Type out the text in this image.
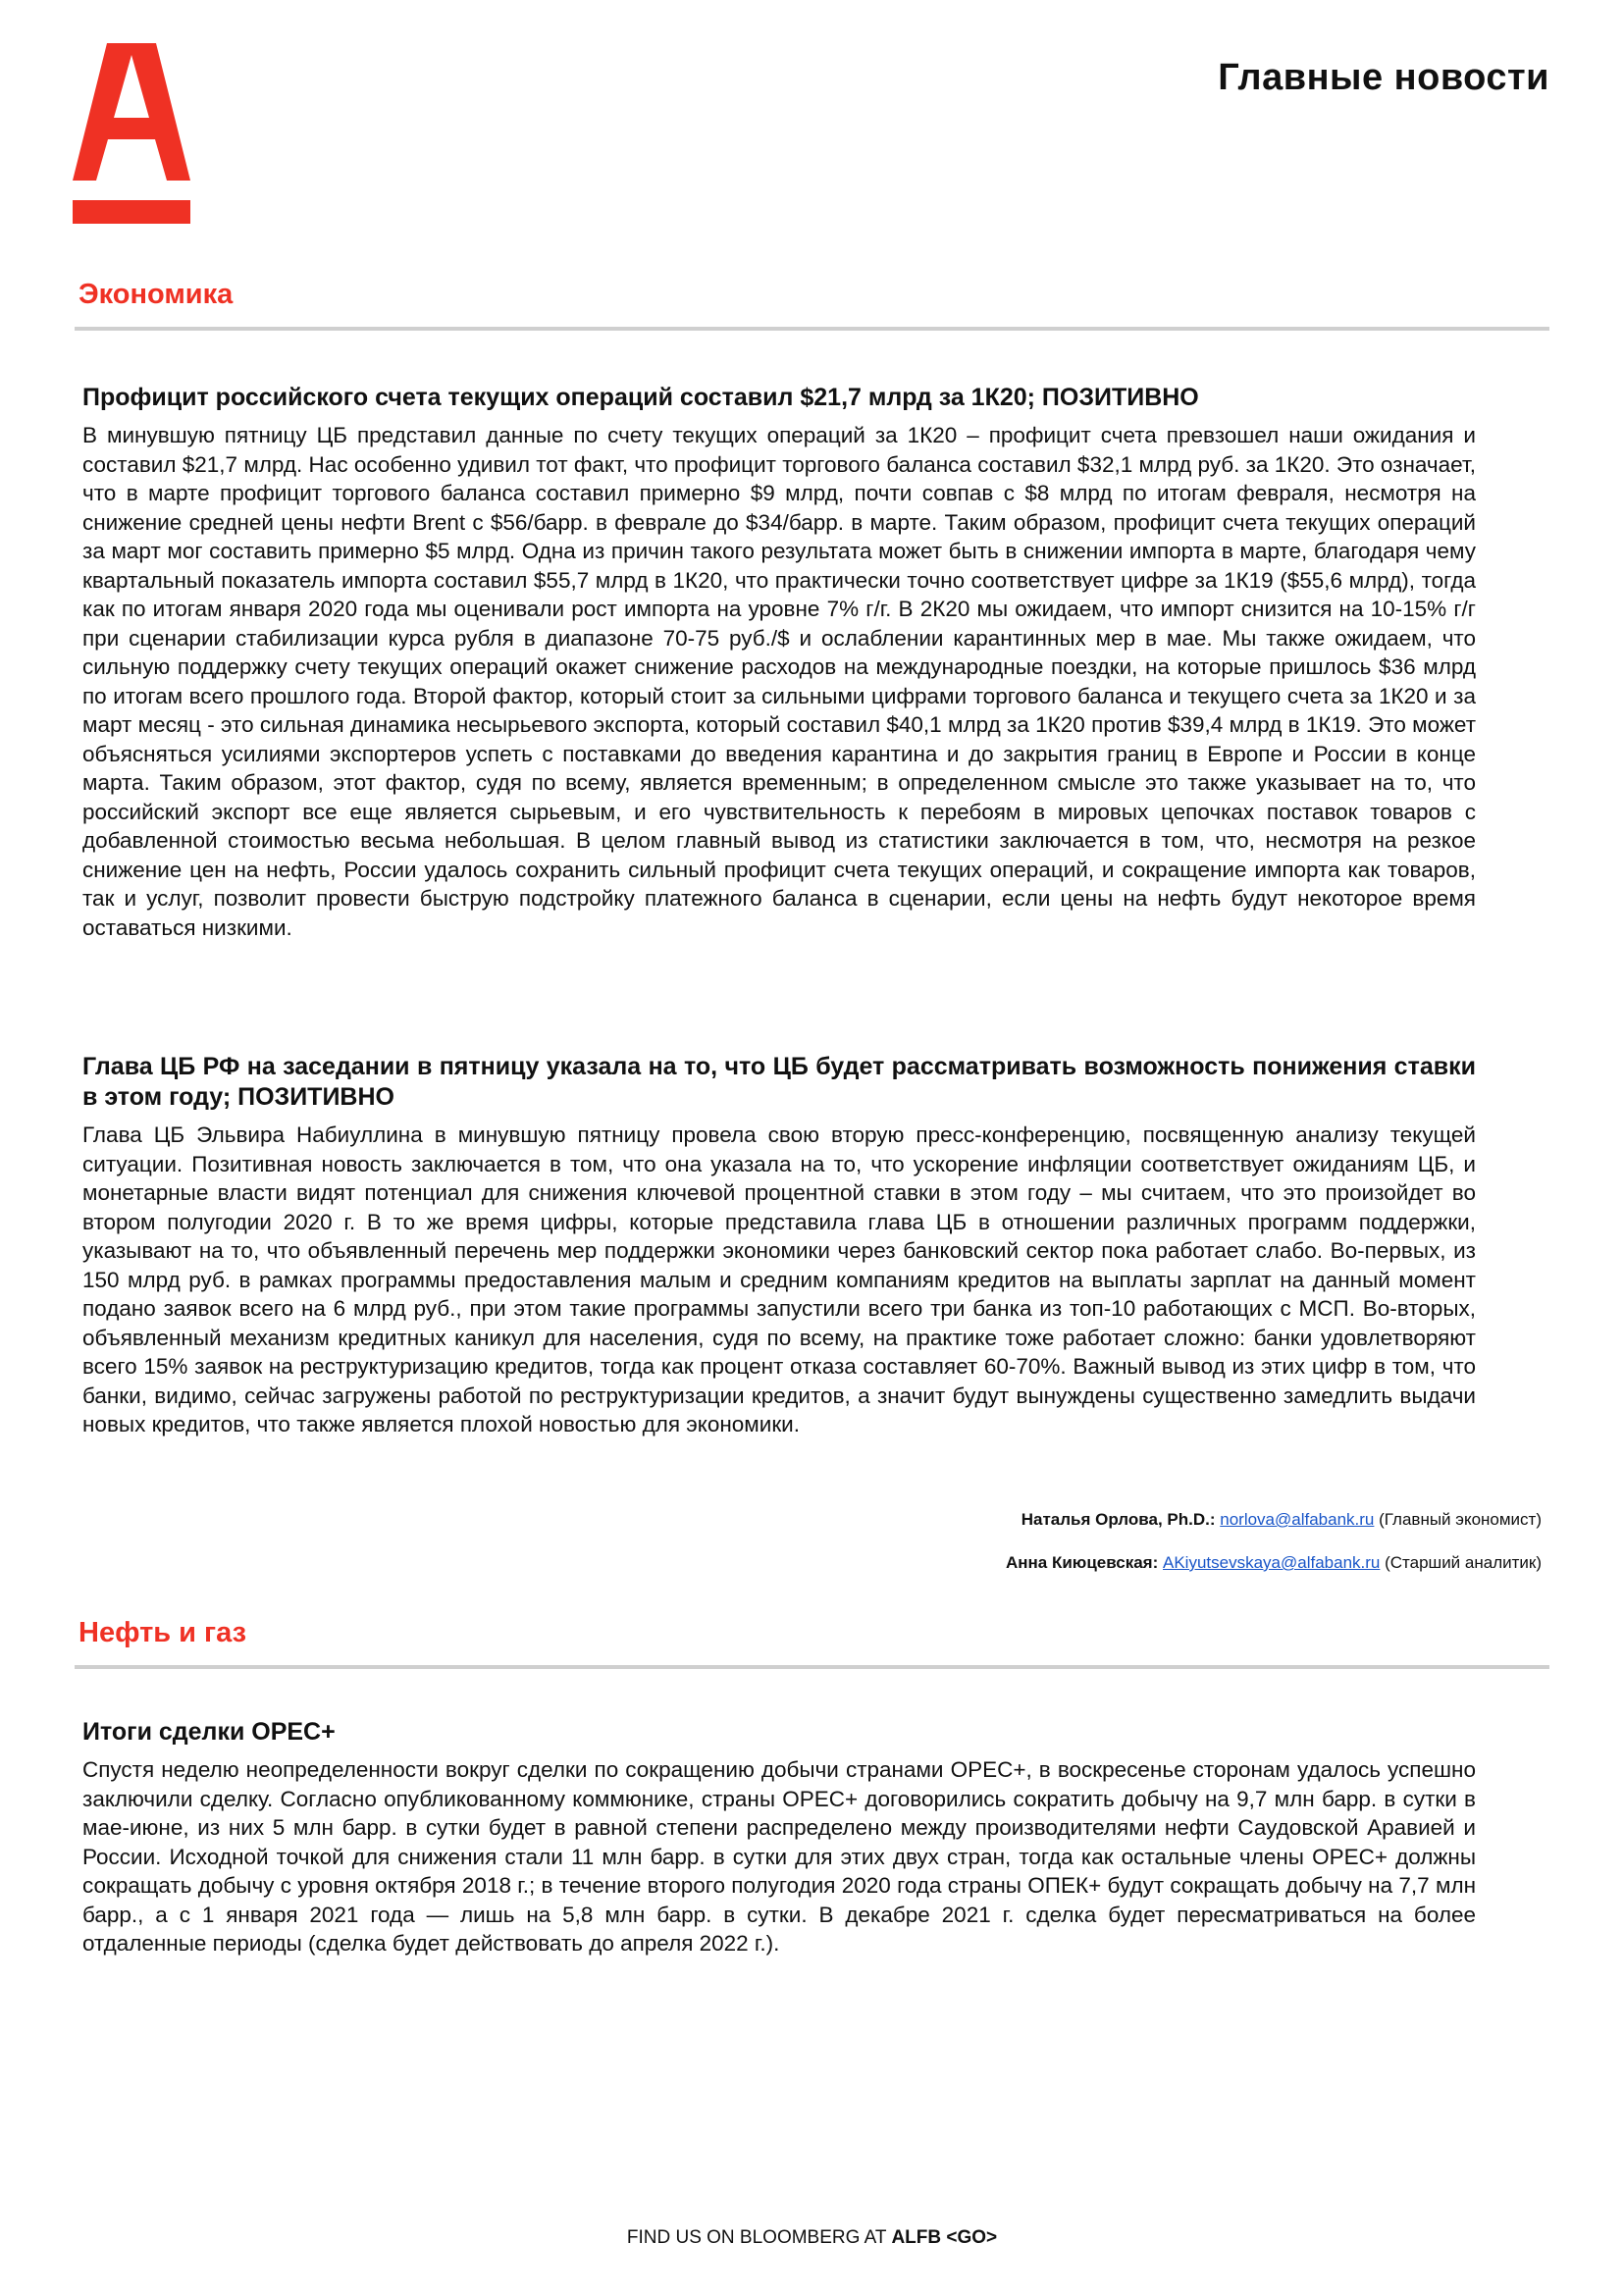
Главные новости
Экономика
Профицит российского счета текущих операций составил $21,7 млрд за 1К20; ПОЗИТИВНО

В минувшую пятницу ЦБ представил данные по счету текущих операций за 1К20 – профицит счета превзошел наши ожидания и составил $21,7 млрд. Нас особенно удивил тот факт, что профицит торгового баланса составил $32,1 млрд руб. за 1К20. Это означает, что в марте профицит торгового баланса составил примерно $9 млрд, почти совпав с $8 млрд по итогам февраля, несмотря на снижение средней цены нефти Brent с $56/барр. в феврале до $34/барр. в марте. Таким образом, профицит счета текущих операций за март мог составить примерно $5 млрд. Одна из причин такого результата может быть в снижении импорта в марте, благодаря чему квартальный показатель импорта составил $55,7 млрд в 1К20, что практически точно соответствует цифре за 1К19 ($55,6 млрд), тогда как по итогам января 2020 года мы оценивали рост импорта на уровне 7% г/г. В 2К20 мы ожидаем, что импорт снизится на 10-15% г/г при сценарии стабилизации курса рубля в диапазоне 70-75 руб./$ и ослаблении карантинных мер в мае. Мы также ожидаем, что сильную поддержку счету текущих операций окажет снижение расходов на международные поездки, на которые пришлось $36 млрд по итогам всего прошлого года. Второй фактор, который стоит за сильными цифрами торгового баланса и текущего счета за 1К20 и за март месяц - это сильная динамика несырьевого экспорта, который составил $40,1 млрд за 1К20 против $39,4 млрд в 1К19. Это может объясняться усилиями экспортеров успеть с поставками до введения карантина и до закрытия границ в Европе и России в конце марта. Таким образом, этот фактор, судя по всему, является временным; в определенном смысле это также указывает на то, что российский экспорт все еще является сырьевым, и его чувствительность к перебоям в мировых цепочках поставок товаров с добавленной стоимостью весьма небольшая. В целом главный вывод из статистики заключается в том, что, несмотря на резкое снижение цен на нефть, России удалось сохранить сильный профицит счета текущих операций, и сокращение импорта как товаров, так и услуг, позволит провести быструю подстройку платежного баланса в сценарии, если цены на нефть будут некоторое время оставаться низкими.

Глава ЦБ РФ на заседании в пятницу указала на то, что ЦБ будет рассматривать возможность понижения ставки в этом году; ПОЗИТИВНО

Глава ЦБ Эльвира Набиуллина в минувшую пятницу провела свою вторую пресс-конференцию, посвященную анализу текущей ситуации. Позитивная новость заключается в том, что она указала на то, что ускорение инфляции соответствует ожиданиям ЦБ, и монетарные власти видят потенциал для снижения ключевой процентной ставки в этом году – мы считаем, что это произойдет во втором полугодии 2020 г. В то же время цифры, которые представила глава ЦБ в отношении различных программ поддержки, указывают на то, что объявленный перечень мер поддержки экономики через банковский сектор пока работает слабо. Во-первых, из 150 млрд руб. в рамках программы предоставления малым и средним компаниям кредитов на выплаты зарплат на данный момент подано заявок всего на 6 млрд руб., при этом такие программы запустили всего три банка из топ-10 работающих с МСП. Во-вторых, объявленный механизм кредитных каникул для населения, судя по всему, на практике тоже работает сложно: банки удовлетворяют всего 15% заявок на реструктуризацию кредитов, тогда как процент отказа составляет 60-70%. Важный вывод из этих цифр в том, что банки, видимо, сейчас загружены работой по реструктуризации кредитов, а значит будут вынуждены существенно замедлить выдачи новых кредитов, что также является плохой новостью для экономики.

Наталья Орлова, Ph.D.: norlova@alfabank.ru (Главный экономист)
Анна Киюцевская: AKiyutsevskaya@alfabank.ru (Старший аналитик)
Нефть и газ
Итоги сделки OPEC+

Спустя неделю неопределенности вокруг сделки по сокращению добычи странами OPEC+, в воскресенье сторонам удалось успешно заключили сделку. Согласно опубликованному коммюнике, страны OPEC+ договорились сократить добычу на 9,7 млн барр. в сутки в мае-июне, из них 5 млн барр. в сутки будет в равной степени распределено между производителями нефти Саудовской Аравией и России. Исходной точкой для снижения стали 11 млн барр. в сутки для этих двух стран, тогда как остальные члены OPEC+ должны сокращать добычу с уровня октября 2018 г.; в течение второго полугодия 2020 года страны ОПЕК+ будут сокращать добычу на 7,7 млн барр., а с 1 января 2021 года — лишь на 5,8 млн барр. в сутки. В декабре 2021 г. сделка будет пересматриваться на более отдаленные периоды (сделка будет действовать до апреля 2022 г.).

FIND US ON BLOOMBERG AT ALFB <GO>
